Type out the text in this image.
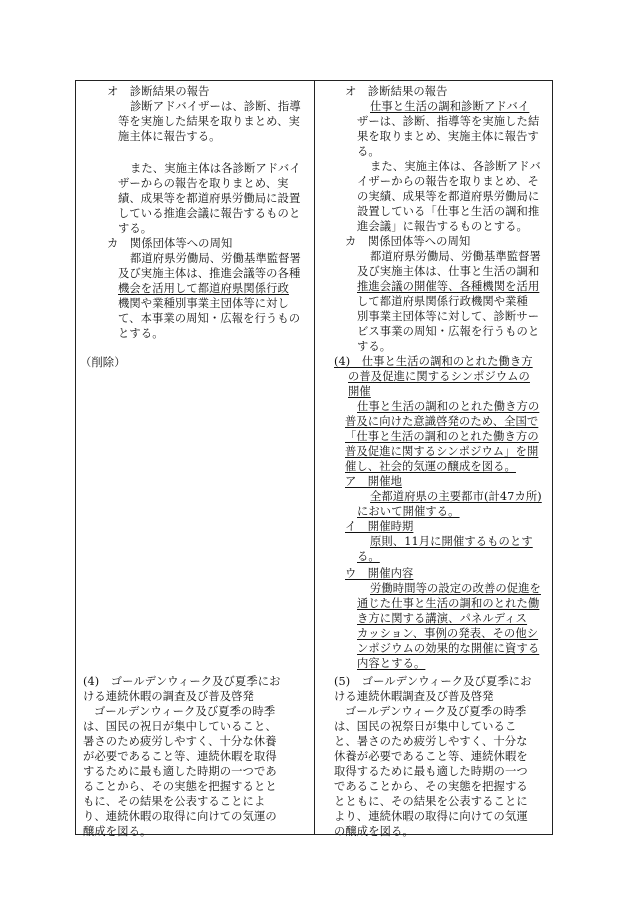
オ　診断結果の報告
診断アドバイザーは、診断、指導
等を実施した結果を取りまとめ、実
施主体に報告する。
また、実施主体は各診断アドバイ
ザーからの報告を取りまとめ、実
績、成果等を都道府県労働局に設置
している推進会議に報告するものと
する。
カ　関係団体等への周知
都道府県労働局、労働基準監督署
及び実施主体は、推進会議等の各種
機会を活用して都道府県関係行政
機関や業種別事業主団体等に対し
て、本事業の周知・広報を行うもの
とする。
（削除）
(4)　ゴールデンウィーク及び夏季にお
ける連続休暇の調査及び普及啓発
ゴールデンウィーク及び夏季の時季
は、国民の祝日が集中していること、
暑さのため疲労しやすく、十分な休養
が必要であること等、連続休暇を取得
するために最も適した時期の一つであ
ることから、その実態を把握するとと
もに、その結果を公表することによ
り、連続休暇の取得に向けての気運の
醸成を図る。
オ　診断結果の報告
仕事と生活の調和診断アドバイ
ザーは、診断、指導等を実施した結
果を取りまとめ、実施主体に報告す
る。
また、実施主体は、各診断アドバ
イザーからの報告を取りまとめ、そ
の実績、成果等を都道府県労働局に
設置している「仕事と生活の調和推
進会議」に報告するものとする。
カ　関係団体等への周知
都道府県労働局、労働基準監督署
及び実施主体は、仕事と生活の調和
推進会議の開催等、各種機関を活用
して都道府県関係行政機関や業種
別事業主団体等に対して、診断サー
ビス事業の周知・広報を行うものと
する。
(4)　仕事と生活の調和のとれた働き方
の普及促進に関するシンポジウムの
開催
仕事と生活の調和のとれた働き方の
普及に向けた意識啓発のため、全国で
「仕事と生活の調和のとれた働き方の
普及促進に関するシンポジウム」を開
催し、社会的気運の醸成を図る。
ア　開催地
全都道府県の主要都市(計47カ所)
において開催する。
イ　開催時期
原則、11月に開催するものとす
る。
ウ　開催内容
労働時間等の設定の改善の促進を
通じた仕事と生活の調和のとれた働
き方に関する講演、パネルディス
カッション、事例の発表、その他シ
ンポジウムの効果的な開催に資する
内容とする。
(5)　ゴールデンウィーク及び夏季にお
ける連続休暇調査及び普及啓発
ゴールデンウィーク及び夏季の時季
は、国民の祝祭日が集中しているこ
と、暑さのため疲労しやすく、十分な
休養が必要であること等、連続休暇を
取得するために最も適した時期の一つ
であることから、その実態を把握する
とともに、その結果を公表することに
より、連続休暇の取得に向けての気運
の醸成を図る。
